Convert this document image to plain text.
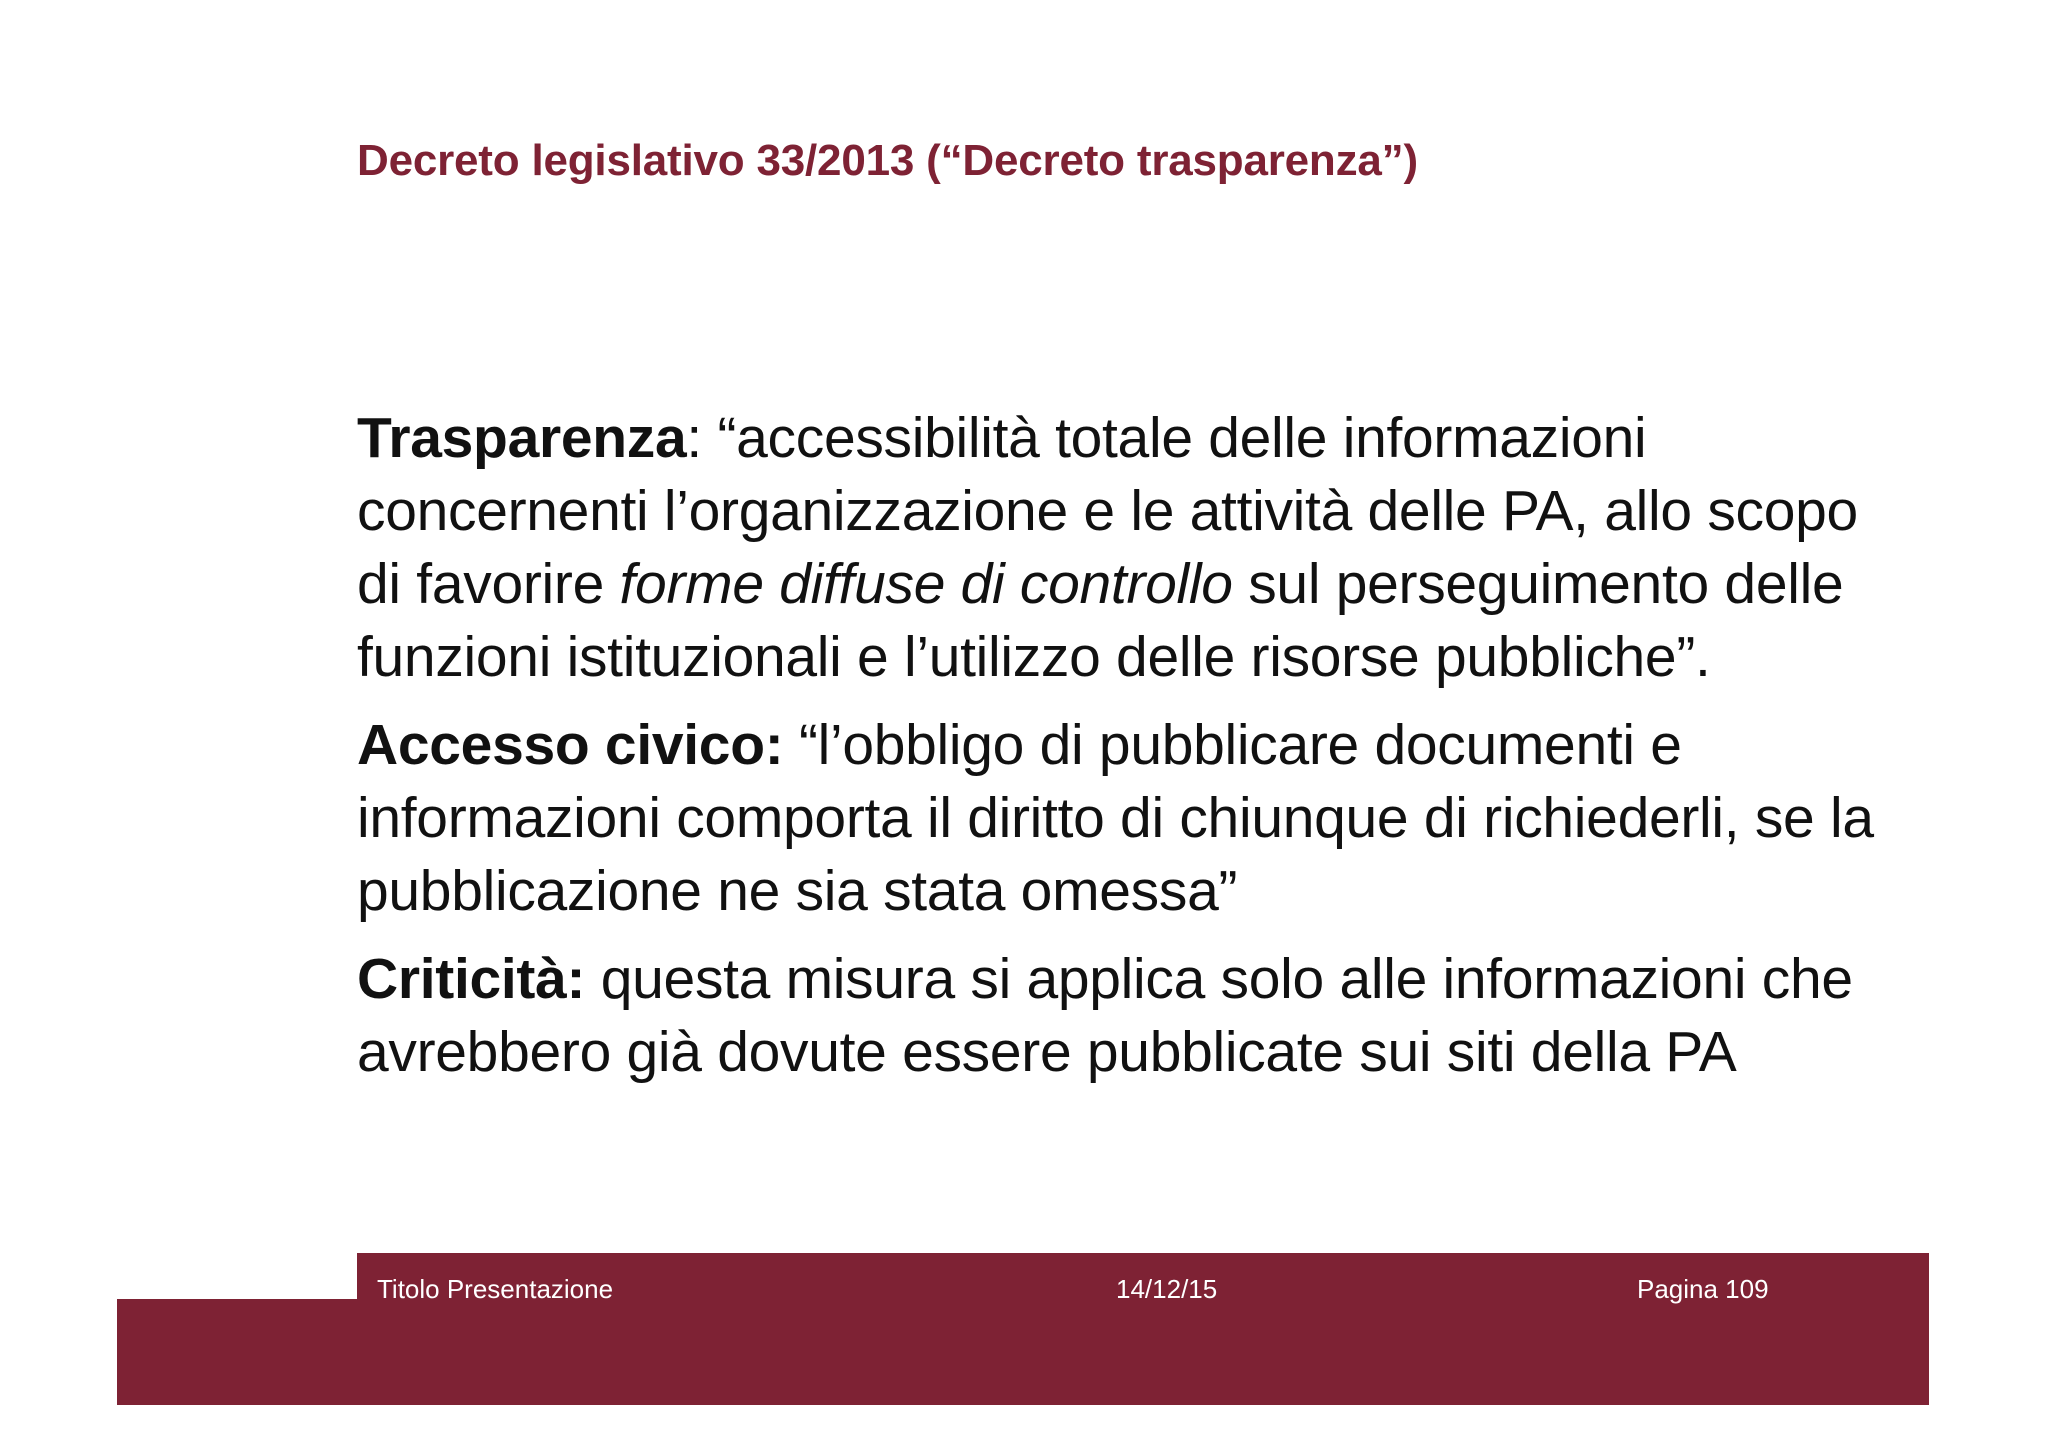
Decreto legislativo 33/2013 (“Decreto trasparenza”)

Trasparenza: “accessibilità totale delle informazioni concernenti l’organizzazione e le attività delle PA, allo scopo di favorire forme diffuse di controllo sul perseguimento delle funzioni istituzionali e l’utilizzo delle risorse pubbliche”.

Accesso civico: “l’obbligo di pubblicare documenti e informazioni comporta il diritto di chiunque di richiederli, se la pubblicazione ne sia stata omessa”

Criticità: questa misura si applica solo alle informazioni che avrebbero già dovute essere pubblicate sui siti della PA

Titolo Presentazione	14/12/15	Pagina 109
